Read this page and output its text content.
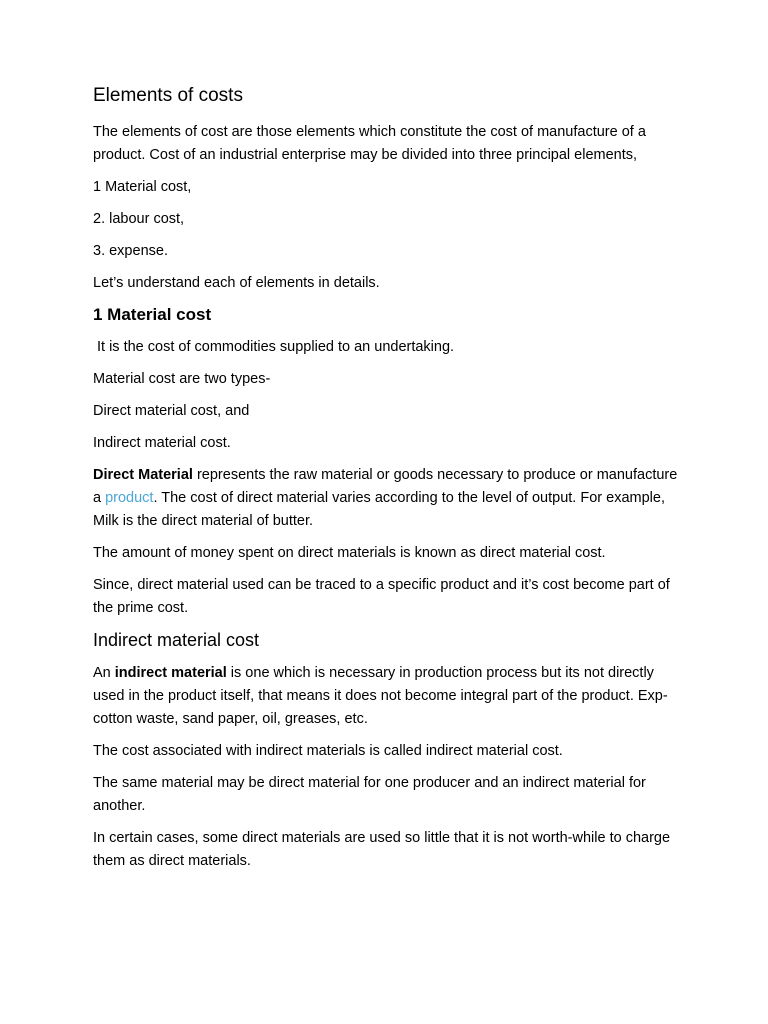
Elements of costs

The elements of cost are those elements which constitute the cost of manufacture of a product. Cost of an industrial enterprise may be divided into three principal elements,

1 Material cost,

2. labour cost,

3. expense.

Let’s understand each of elements in details.

1 Material cost

It is the cost of commodities supplied to an undertaking.

Material cost are two types-

Direct material cost, and

Indirect material cost.

Direct Material represents the raw material or goods necessary to produce or manufacture a product. The cost of direct material varies according to the level of output. For example, Milk is the direct material of butter.

The amount of money spent on direct materials is known as direct material cost.

Since, direct material used can be traced to a specific product and it’s cost become part of the prime cost.

Indirect material cost

An indirect material is one which is necessary in production process but its not directly used in the product itself, that means it does not become integral part of the product. Exp- cotton waste, sand paper, oil, greases, etc.

The cost associated with indirect materials is called indirect material cost.

The same material may be direct material for one producer and an indirect material for another.

In certain cases, some direct materials are used so little that it is not worth-while to charge them as direct materials.
